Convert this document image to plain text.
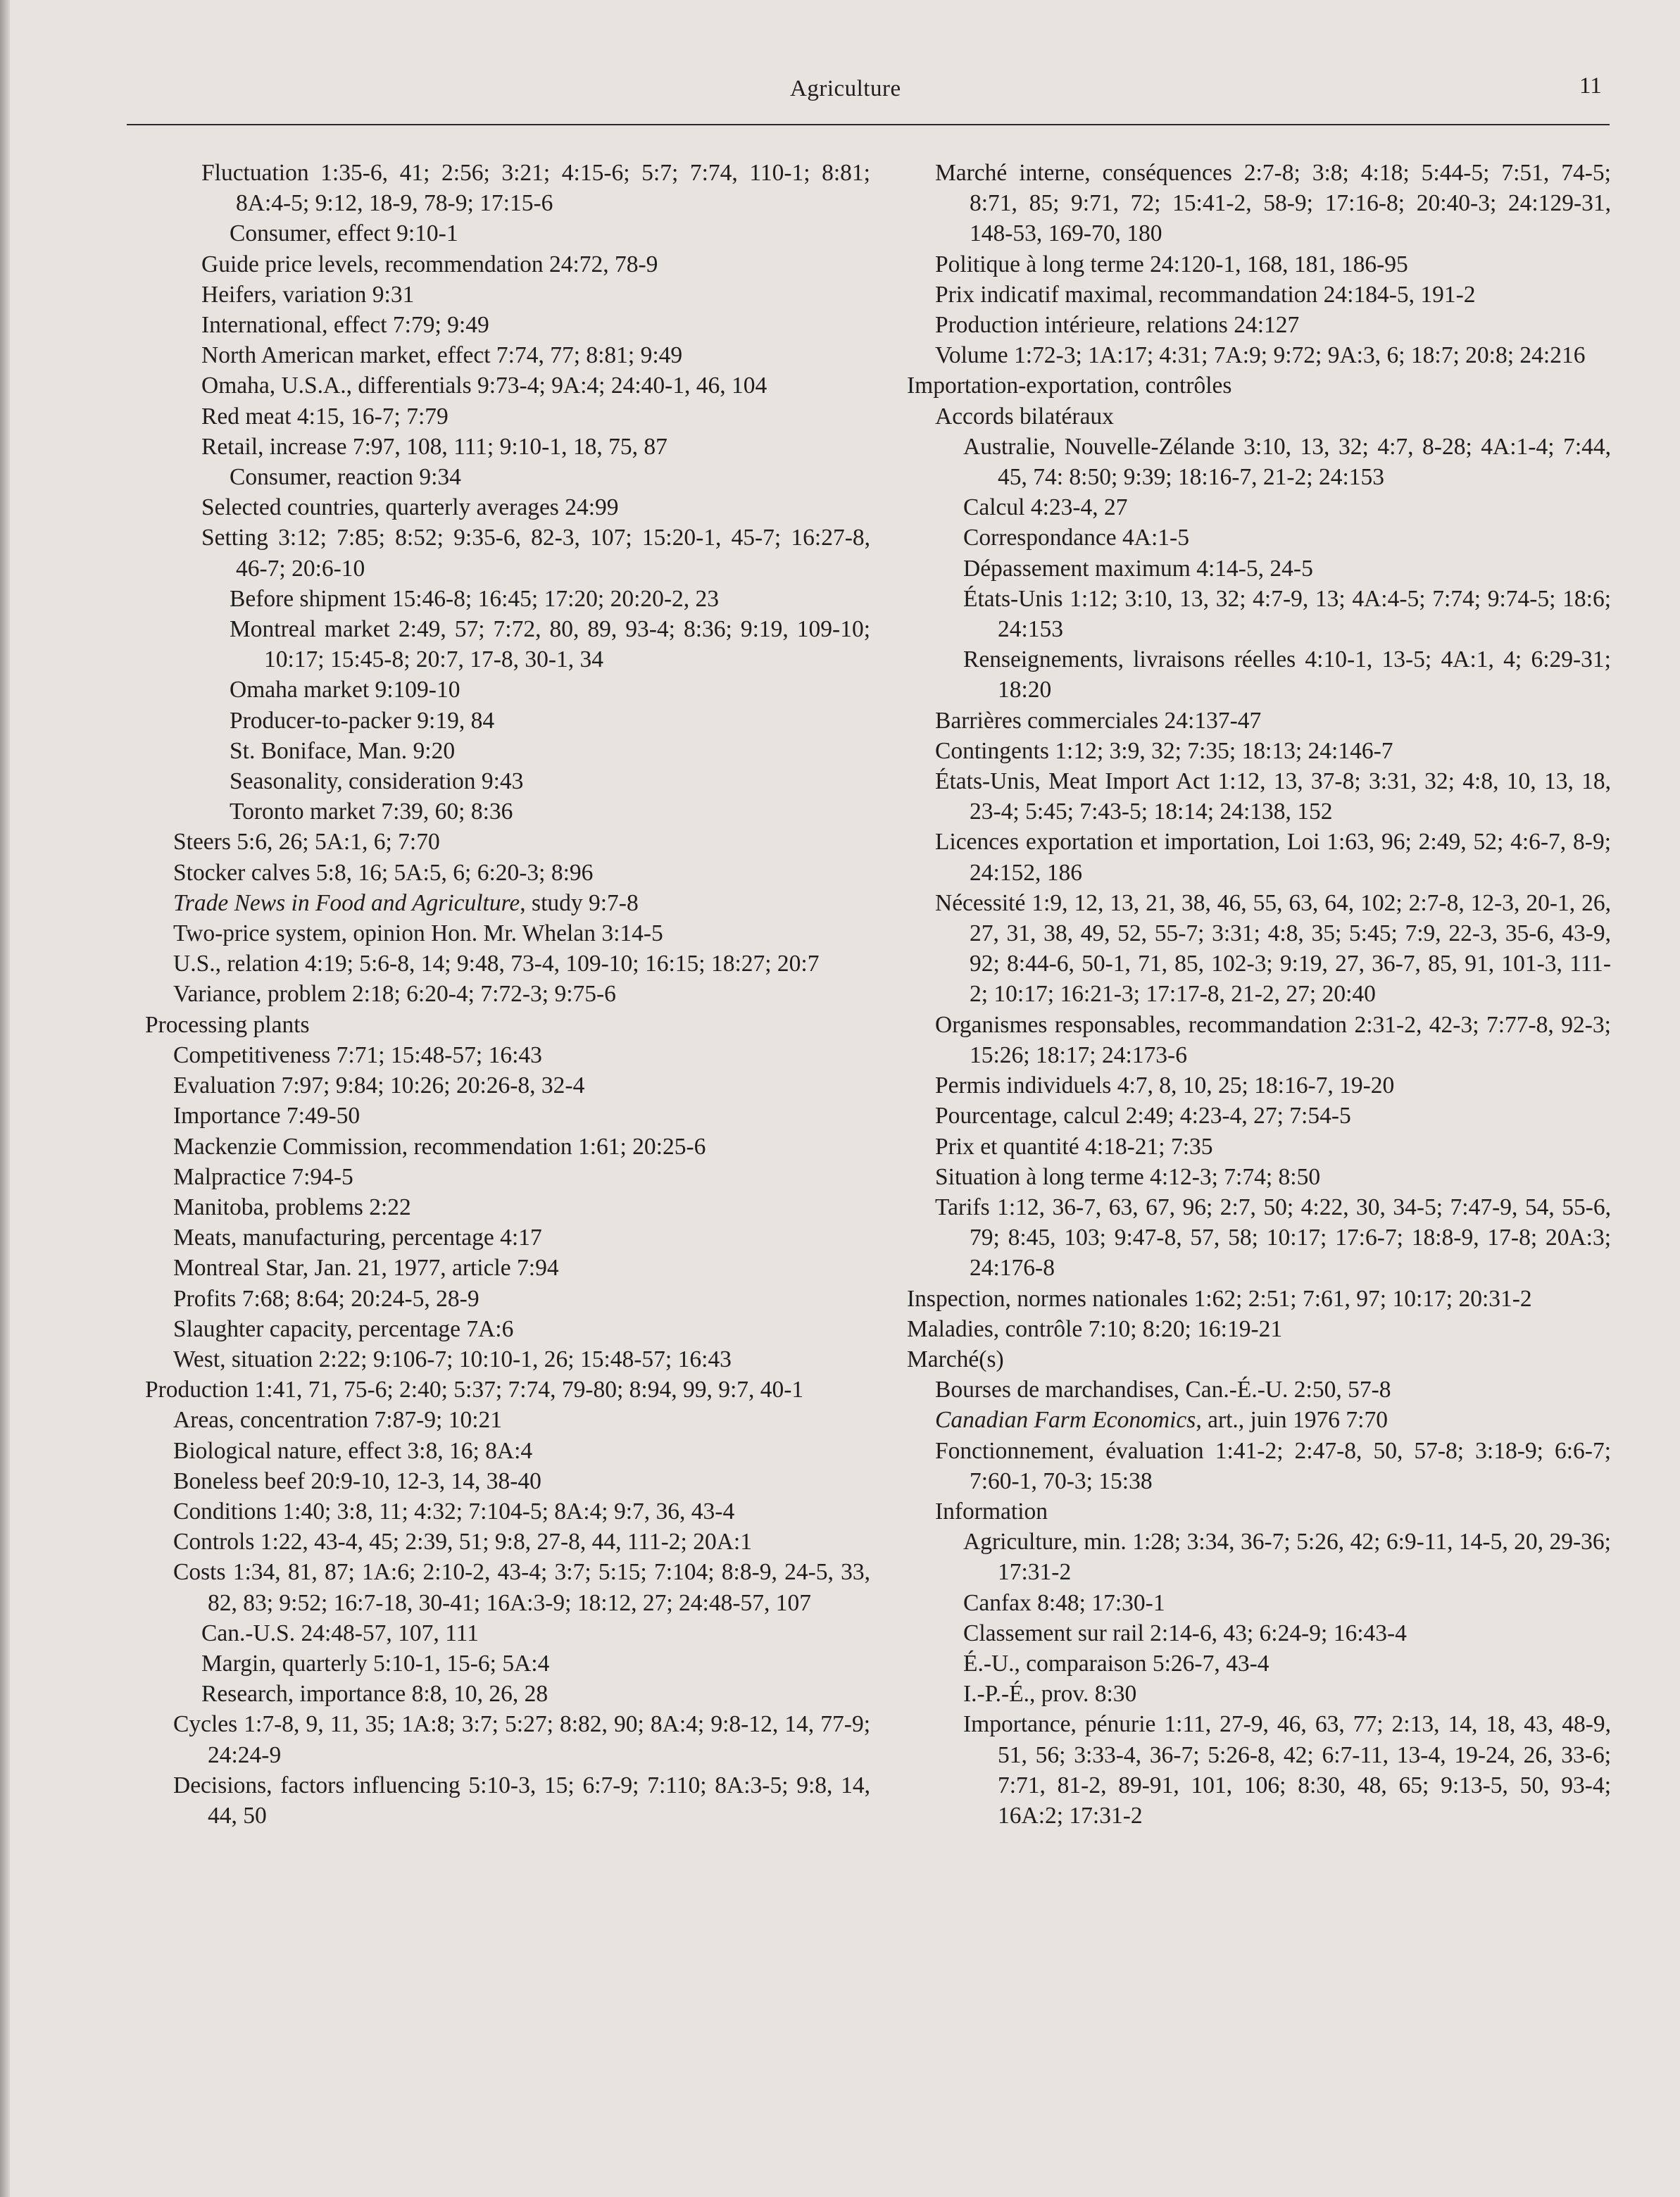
Agriculture	11

Fluctuation 1:35-6, 41; 2:56; 3:21; 4:15-6; 5:7; 7:74, 110-1; 8:81; 8A:4-5; 9:12, 18-9, 78-9; 17:15-6

Consumer, effect 9:10-1

Guide price levels, recommendation 24:72, 78-9

Heifers, variation 9:31

International, effect 7:79; 9:49

North American market, effect 7:74, 77; 8:81; 9:49

Omaha, U.S.A., differentials 9:73-4; 9A:4; 24:40-1, 46, 104

Red meat 4:15, 16-7; 7:79

Retail, increase 7:97, 108, 111; 9:10-1, 18, 75, 87

Consumer, reaction 9:34

Selected countries, quarterly averages 24:99

Setting 3:12; 7:85; 8:52; 9:35-6, 82-3, 107; 15:20-1, 45-7; 16:27-8, 46-7; 20:6-10

Before shipment 15:46-8; 16:45; 17:20; 20:20-2, 23

Montreal market 2:49, 57; 7:72, 80, 89, 93-4; 8:36; 9:19, 109-10; 10:17; 15:45-8; 20:7, 17-8, 30-1, 34

Omaha market 9:109-10

Producer-to-packer 9:19, 84

St. Boniface, Man. 9:20

Seasonality, consideration 9:43

Toronto market 7:39, 60; 8:36

Steers 5:6, 26; 5A:1, 6; 7:70

Stocker calves 5:8, 16; 5A:5, 6; 6:20-3; 8:96

Trade News in Food and Agriculture, study 9:7-8

Two-price system, opinion Hon. Mr. Whelan 3:14-5

U.S., relation 4:19; 5:6-8, 14; 9:48, 73-4, 109-10; 16:15; 18:27; 20:7

Variance, problem 2:18; 6:20-4; 7:72-3; 9:75-6

Processing plants

Competitiveness 7:71; 15:48-57; 16:43

Evaluation 7:97; 9:84; 10:26; 20:26-8, 32-4

Importance 7:49-50

Mackenzie Commission, recommendation 1:61; 20:25-6

Malpractice 7:94-5

Manitoba, problems 2:22

Meats, manufacturing, percentage 4:17

Montreal Star, Jan. 21, 1977, article 7:94

Profits 7:68; 8:64; 20:24-5, 28-9

Slaughter capacity, percentage 7A:6

West, situation 2:22; 9:106-7; 10:10-1, 26; 15:48-57; 16:43

Production 1:41, 71, 75-6; 2:40; 5:37; 7:74, 79-80; 8:94, 99, 9:7, 40-1

Areas, concentration 7:87-9; 10:21

Biological nature, effect 3:8, 16; 8A:4

Boneless beef 20:9-10, 12-3, 14, 38-40

Conditions 1:40; 3:8, 11; 4:32; 7:104-5; 8A:4; 9:7, 36, 43-4

Controls 1:22, 43-4, 45; 2:39, 51; 9:8, 27-8, 44, 111-2; 20A:1

Costs 1:34, 81, 87; 1A:6; 2:10-2, 43-4; 3:7; 5:15; 7:104; 8:8-9, 24-5, 33, 82, 83; 9:52; 16:7-18, 30-41; 16A:3-9; 18:12, 27; 24:48-57, 107

Can.-U.S. 24:48-57, 107, 111

Margin, quarterly 5:10-1, 15-6; 5A:4

Research, importance 8:8, 10, 26, 28

Cycles 1:7-8, 9, 11, 35; 1A:8; 3:7; 5:27; 8:82, 90; 8A:4; 9:8-12, 14, 77-9; 24:24-9

Decisions, factors influencing 5:10-3, 15; 6:7-9; 7:110; 8A:3-5; 9:8, 14, 44, 50

Marché interne, conséquences 2:7-8; 3:8; 4:18; 5:44-5; 7:51, 74-5; 8:71, 85; 9:71, 72; 15:41-2, 58-9; 17:16-8; 20:40-3; 24:129-31, 148-53, 169-70, 180

Politique à long terme 24:120-1, 168, 181, 186-95

Prix indicatif maximal, recommandation 24:184-5, 191-2

Production intérieure, relations 24:127

Volume 1:72-3; 1A:17; 4:31; 7A:9; 9:72; 9A:3, 6; 18:7; 20:8; 24:216

Importation-exportation, contrôles

Accords bilatéraux

Australie, Nouvelle-Zélande 3:10, 13, 32; 4:7, 8-28; 4A:1-4; 7:44, 45, 74: 8:50; 9:39; 18:16-7, 21-2; 24:153

Calcul 4:23-4, 27

Correspondance 4A:1-5

Dépassement maximum 4:14-5, 24-5

États-Unis 1:12; 3:10, 13, 32; 4:7-9, 13; 4A:4-5; 7:74; 9:74-5; 18:6; 24:153

Renseignements, livraisons réelles 4:10-1, 13-5; 4A:1, 4; 6:29-31; 18:20

Barrières commerciales 24:137-47

Contingents 1:12; 3:9, 32; 7:35; 18:13; 24:146-7

États-Unis, Meat Import Act 1:12, 13, 37-8; 3:31, 32; 4:8, 10, 13, 18, 23-4; 5:45; 7:43-5; 18:14; 24:138, 152

Licences exportation et importation, Loi 1:63, 96; 2:49, 52; 4:6-7, 8-9; 24:152, 186

Nécessité 1:9, 12, 13, 21, 38, 46, 55, 63, 64, 102; 2:7-8, 12-3, 20-1, 26, 27, 31, 38, 49, 52, 55-7; 3:31; 4:8, 35; 5:45; 7:9, 22-3, 35-6, 43-9, 92; 8:44-6, 50-1, 71, 85, 102-3; 9:19, 27, 36-7, 85, 91, 101-3, 111-2; 10:17; 16:21-3; 17:17-8, 21-2, 27; 20:40

Organismes responsables, recommandation 2:31-2, 42-3; 7:77-8, 92-3; 15:26; 18:17; 24:173-6

Permis individuels 4:7, 8, 10, 25; 18:16-7, 19-20

Pourcentage, calcul 2:49; 4:23-4, 27; 7:54-5

Prix et quantité 4:18-21; 7:35

Situation à long terme 4:12-3; 7:74; 8:50

Tarifs 1:12, 36-7, 63, 67, 96; 2:7, 50; 4:22, 30, 34-5; 7:47-9, 54, 55-6, 79; 8:45, 103; 9:47-8, 57, 58; 10:17; 17:6-7; 18:8-9, 17-8; 20A:3; 24:176-8

Inspection, normes nationales 1:62; 2:51; 7:61, 97; 10:17; 20:31-2

Maladies, contrôle 7:10; 8:20; 16:19-21

Marché(s)

Bourses de marchandises, Can.-É.-U. 2:50, 57-8

Canadian Farm Economics, art., juin 1976 7:70

Fonctionnement, évaluation 1:41-2; 2:47-8, 50, 57-8; 3:18-9; 6:6-7; 7:60-1, 70-3; 15:38

Information

Agriculture, min. 1:28; 3:34, 36-7; 5:26, 42; 6:9-11, 14-5, 20, 29-36; 17:31-2

Canfax 8:48; 17:30-1

Classement sur rail 2:14-6, 43; 6:24-9; 16:43-4

É.-U., comparaison 5:26-7, 43-4

I.-P.-É., prov. 8:30

Importance, pénurie 1:11, 27-9, 46, 63, 77; 2:13, 14, 18, 43, 48-9, 51, 56; 3:33-4, 36-7; 5:26-8, 42; 6:7-11, 13-4, 19-24, 26, 33-6; 7:71, 81-2, 89-91, 101, 106; 8:30, 48, 65; 9:13-5, 50, 93-4; 16A:2; 17:31-2
